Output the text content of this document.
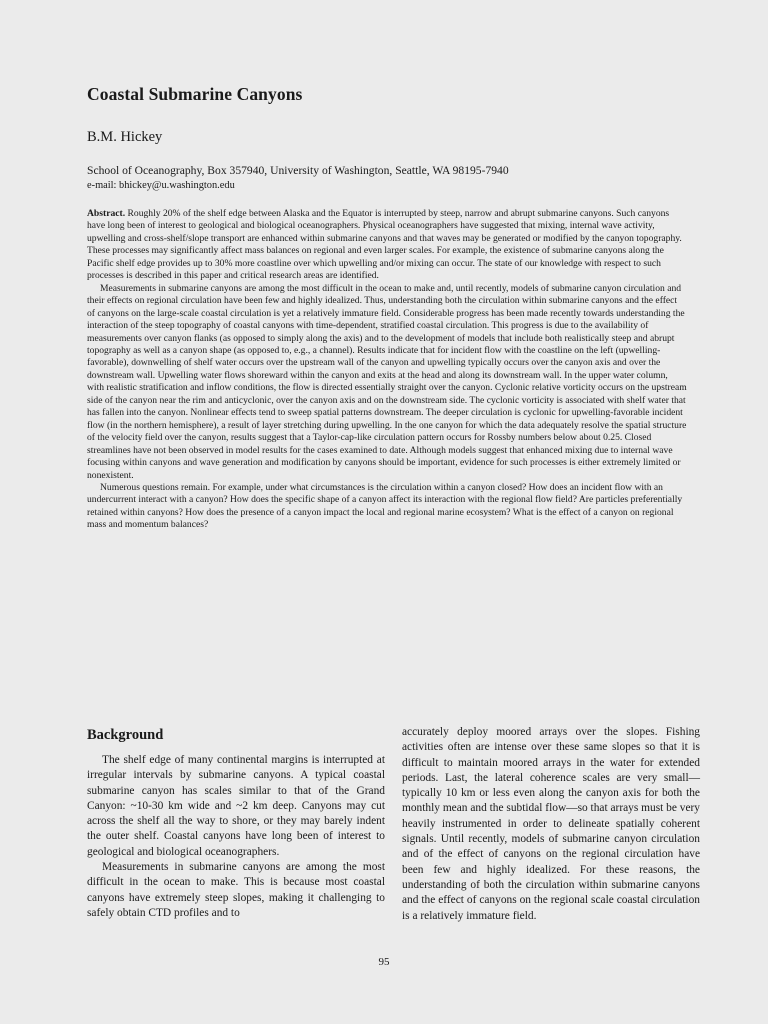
Coastal Submarine Canyons
B.M. Hickey
School of Oceanography, Box 357940, University of Washington, Seattle, WA 98195-7940
e-mail: bhickey@u.washington.edu

Abstract. Roughly 20% of the shelf edge between Alaska and the Equator is interrupted by steep, narrow and abrupt submarine canyons. Such canyons have long been of interest to geological and biological oceanographers. Physical oceanographers have suggested that mixing, internal wave activity, upwelling and cross-shelf/slope transport are enhanced within submarine canyons and that waves may be generated or modified by the canyon topography. These processes may significantly affect mass balances on regional and even larger scales. For example, the existence of submarine canyons along the Pacific shelf edge provides up to 30% more coastline over which upwelling and/or mixing can occur. The state of our knowledge with respect to such processes is described in this paper and critical research areas are identified.

Measurements in submarine canyons are among the most difficult in the ocean to make and, until recently, models of submarine canyon circulation and their effects on regional circulation have been few and highly idealized. Thus, understanding both the circulation within submarine canyons and the effect of canyons on the large-scale coastal circulation is yet a relatively immature field. Considerable progress has been made recently towards understanding the interaction of the steep topography of coastal canyons with time-dependent, stratified coastal circulation. This progress is due to the availability of measurements over canyon flanks (as opposed to simply along the axis) and to the development of models that include both realistically steep and abrupt topography as well as a canyon shape (as opposed to, e.g., a channel). Results indicate that for incident flow with the coastline on the left (upwelling-favorable), downwelling of shelf water occurs over the upstream wall of the canyon and upwelling typically occurs over the canyon axis and over the downstream wall. Upwelling water flows shoreward within the canyon and exits at the head and along its downstream wall. In the upper water column, with realistic stratification and inflow conditions, the flow is directed essentially straight over the canyon. Cyclonic relative vorticity occurs on the upstream side of the canyon near the rim and anticyclonic, over the canyon axis and on the downstream side. The cyclonic vorticity is associated with shelf water that has fallen into the canyon. Nonlinear effects tend to sweep spatial patterns downstream. The deeper circulation is cyclonic for upwelling-favorable incident flow (in the northern hemisphere), a result of layer stretching during upwelling. In the one canyon for which the data adequately resolve the spatial structure of the velocity field over the canyon, results suggest that a Taylor-cap-like circulation pattern occurs for Rossby numbers below about 0.25. Closed streamlines have not been observed in model results for the cases examined to date. Although models suggest that enhanced mixing due to internal wave focusing within canyons and wave generation and modification by canyons should be important, evidence for such processes is either extremely limited or nonexistent.

Numerous questions remain. For example, under what circumstances is the circulation within a canyon closed? How does an incident flow with an undercurrent interact with a canyon? How does the specific shape of a canyon affect its interaction with the regional flow field? Are particles preferentially retained within canyons? How does the presence of a canyon impact the local and regional marine ecosystem? What is the effect of a canyon on regional mass and momentum balances?

Background

The shelf edge of many continental margins is interrupted at irregular intervals by submarine canyons. A typical coastal submarine canyon has scales similar to that of the Grand Canyon: ~10-30 km wide and ~2 km deep. Canyons may cut across the shelf all the way to shore, or they may barely indent the outer shelf. Coastal canyons have long been of interest to geological and biological oceanographers.

Measurements in submarine canyons are among the most difficult in the ocean to make. This is because most coastal canyons have extremely steep slopes, making it challenging to safely obtain CTD profiles and to

accurately deploy moored arrays over the slopes. Fishing activities often are intense over these same slopes so that it is difficult to maintain moored arrays in the water for extended periods. Last, the lateral coherence scales are very small—typically 10 km or less even along the canyon axis for both the monthly mean and the subtidal flow—so that arrays must be very heavily instrumented in order to delineate spatially coherent signals. Until recently, models of submarine canyon circulation and of the effect of canyons on the regional circulation have been few and highly idealized. For these reasons, the understanding of both the circulation within submarine canyons and the effect of canyons on the regional scale coastal circulation is a relatively immature field.

95
